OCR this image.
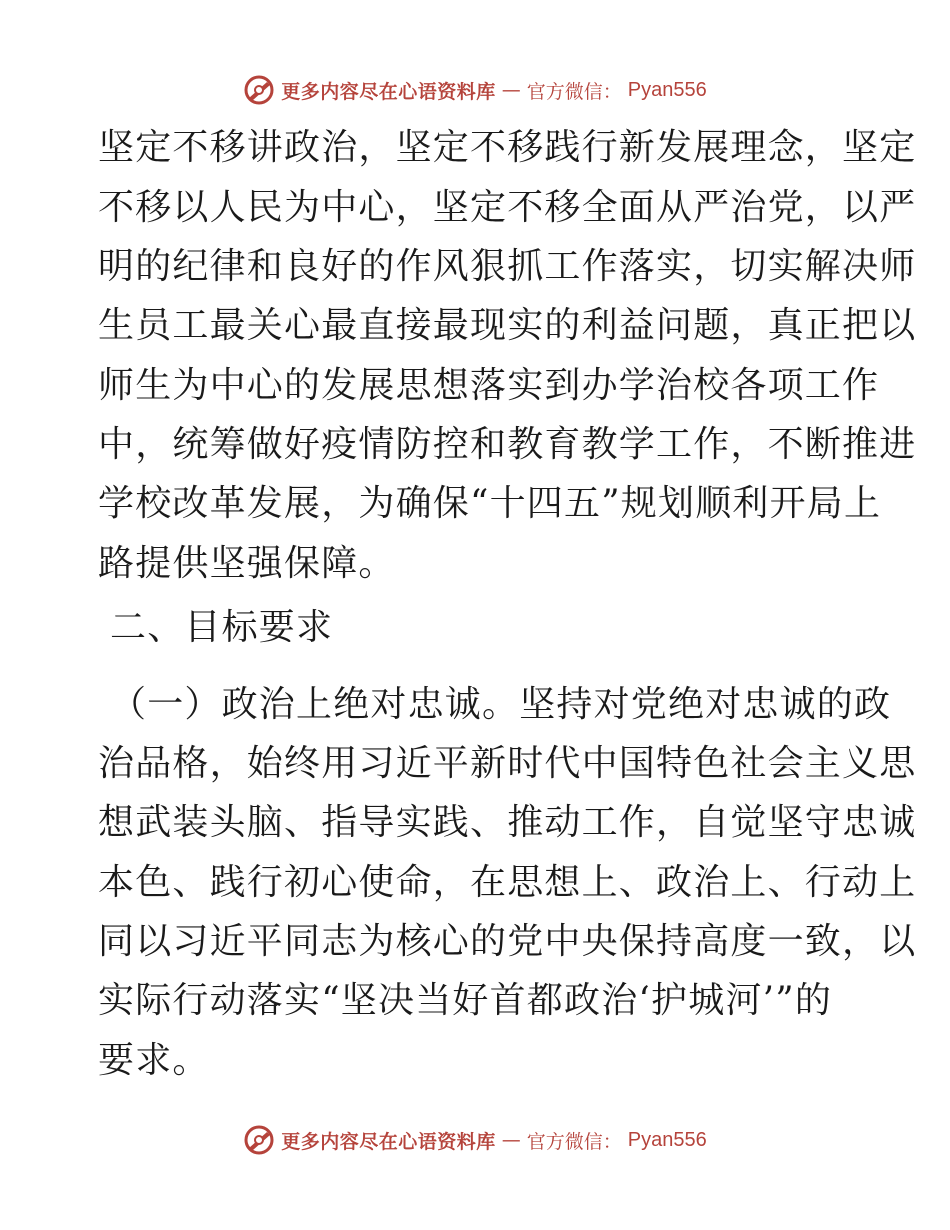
更多内容尽在心语资料库 — 官方微信： Pyan556
坚定不移讲政治，坚定不移践行新发展理念，坚定
不移以人民为中心，坚定不移全面从严治党，以严
明的纪律和良好的作风狠抓工作落实，切实解决师
生员工最关心最直接最现实的利益问题，真正把以
师生为中心的发展思想落实到办学治校各项工作
中，统筹做好疫情防控和教育教学工作，不断推进
学校改革发展，为确保“十四五”规划顺利开局上
路提供坚强保障。
二、目标要求
（一）政治上绝对忠诚。坚持对党绝对忠诚的政
治品格，始终用习近平新时代中国特色社会主义思
想武装头脑、指导实践、推动工作，自觉坚守忠诚
本色、践行初心使命，在思想上、政治上、行动上
同以习近平同志为核心的党中央保持高度一致，以
实际行动落实“坚决当好首都政治‘护城河’”的
要求。
更多内容尽在心语资料库 — 官方微信： Pyan556
